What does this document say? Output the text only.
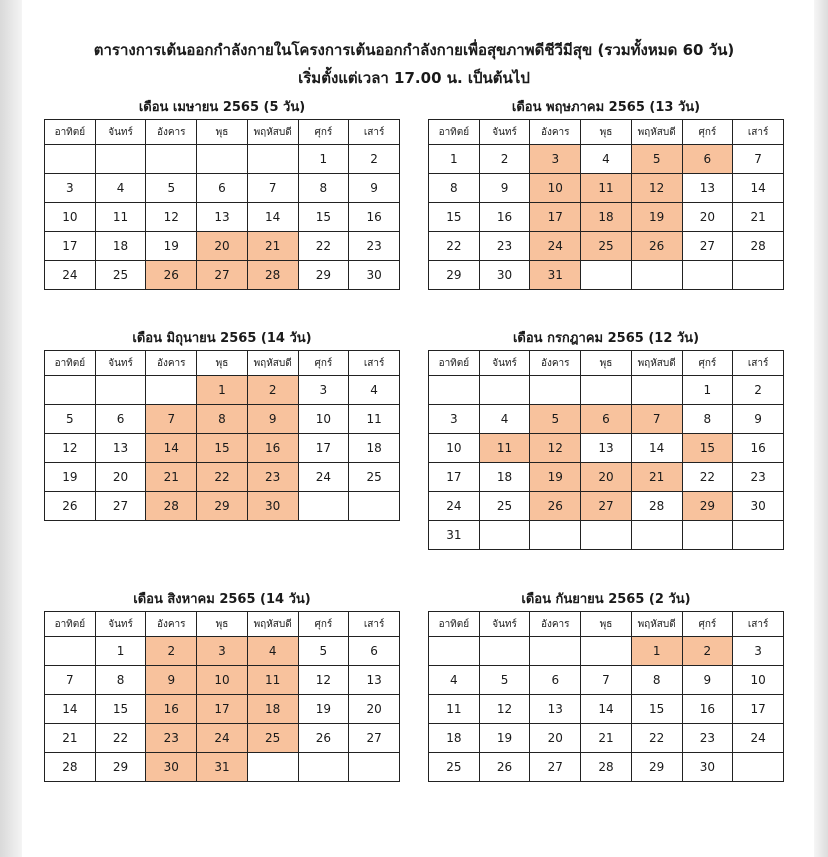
ตารางการเต้นออกกำลังกายในโครงการเต้นออกกำลังกายเพื่อสุขภาพดีชีวีมีสุข (รวมทั้งหมด 60 วัน)
เริ่มตั้งแต่เวลา 17.00 น. เป็นต้นไป
เดือน เมษายน 2565 (5 วัน)
อาทิตย์	จันทร์	อังคาร	พุธ	พฤหัสบดี	ศุกร์	เสาร์
					1	2
3	4	5	6	7	8	9
10	11	12	13	14	15	16
17	18	19	20	21	22	23
24	25	26	27	28	29	30
เดือน พฤษภาคม 2565 (13 วัน)
อาทิตย์	จันทร์	อังคาร	พุธ	พฤหัสบดี	ศุกร์	เสาร์
1	2	3	4	5	6	7
8	9	10	11	12	13	14
15	16	17	18	19	20	21
22	23	24	25	26	27	28
29	30	31				
เดือน มิถุนายน 2565 (14 วัน)
อาทิตย์	จันทร์	อังคาร	พุธ	พฤหัสบดี	ศุกร์	เสาร์
			1	2	3	4
5	6	7	8	9	10	11
12	13	14	15	16	17	18
19	20	21	22	23	24	25
26	27	28	29	30		
เดือน กรกฎาคม 2565 (12 วัน)
อาทิตย์	จันทร์	อังคาร	พุธ	พฤหัสบดี	ศุกร์	เสาร์
					1	2
3	4	5	6	7	8	9
10	11	12	13	14	15	16
17	18	19	20	21	22	23
24	25	26	27	28	29	30
31						
เดือน สิงหาคม 2565 (14 วัน)
อาทิตย์	จันทร์	อังคาร	พุธ	พฤหัสบดี	ศุกร์	เสาร์
	1	2	3	4	5	6
7	8	9	10	11	12	13
14	15	16	17	18	19	20
21	22	23	24	25	26	27
28	29	30	31			
เดือน กันยายน 2565 (2 วัน)
อาทิตย์	จันทร์	อังคาร	พุธ	พฤหัสบดี	ศุกร์	เสาร์
				1	2	3
4	5	6	7	8	9	10
11	12	13	14	15	16	17
18	19	20	21	22	23	24
25	26	27	28	29	30	
